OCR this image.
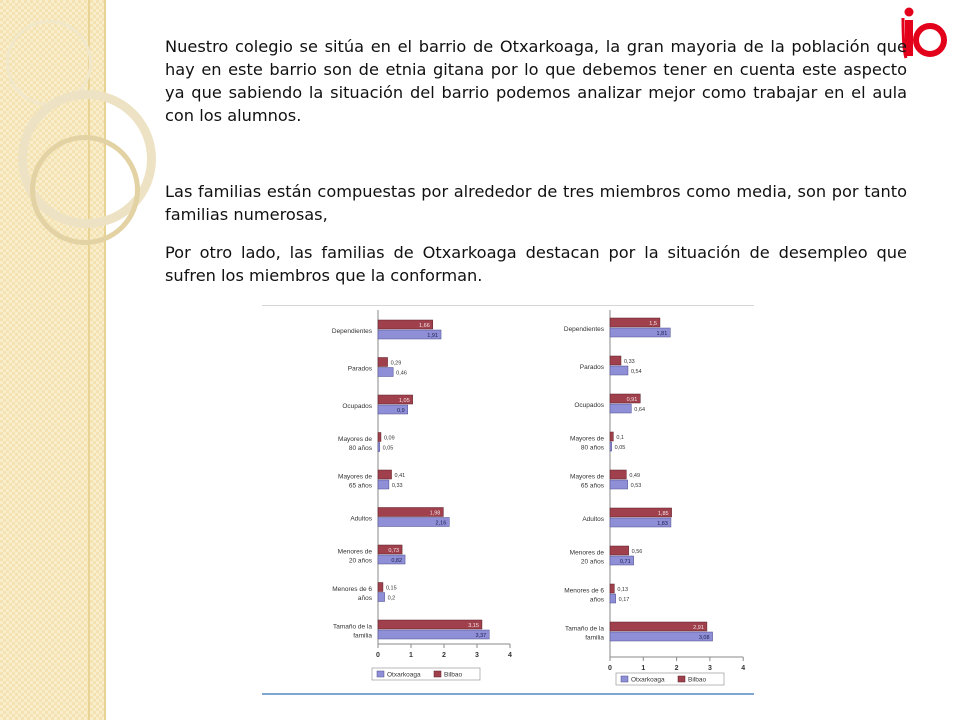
Nuestro colegio se sitúa en el barrio de Otxarkoaga, la gran mayoria de la población que hay en este barrio son de etnia gitana por lo que debemos tener en cuenta este aspecto ya que sabiendo la situación del barrio podemos analizar mejor como trabajar en el aula con los alumnos.

Las familias están compuestas por alrededor de tres miembros como media, son por tanto familias numerosas,

Por otro lado, las familias de Otxarkoaga destacan por la situación de desempleo que sufren los miembros que la conforman.

0	1	2	3	4
Dependientes
1,66
1,91
Parados
0,29
0,46
Ocupados
1,05
0,9
Mayores de
80 años
0,09
0,05
Mayores de
65 años
0,41
0,33
Adultos
1,98
2,16
Menores de
20 años
0,73
0,82
Menores de 6
años
0,15
0,2
Tamaño de la
familia
3,15
3,37
Otxarkoaga	Bilbao
0	1	2	3	4
Dependientes
1,5
1,81
Parados
0,33
0,54
Ocupados
0,91
0,64
Mayores de
80 años
0,1
0,05
Mayores de
65 años
0,49
0,53
Adultos
1,85
1,83
Menores de
20 años
0,56
0,71
Menores de 6
años
0,13
0,17
Tamaño de la
familia
2,91
3,08
Otxarkoaga	Bilbao
